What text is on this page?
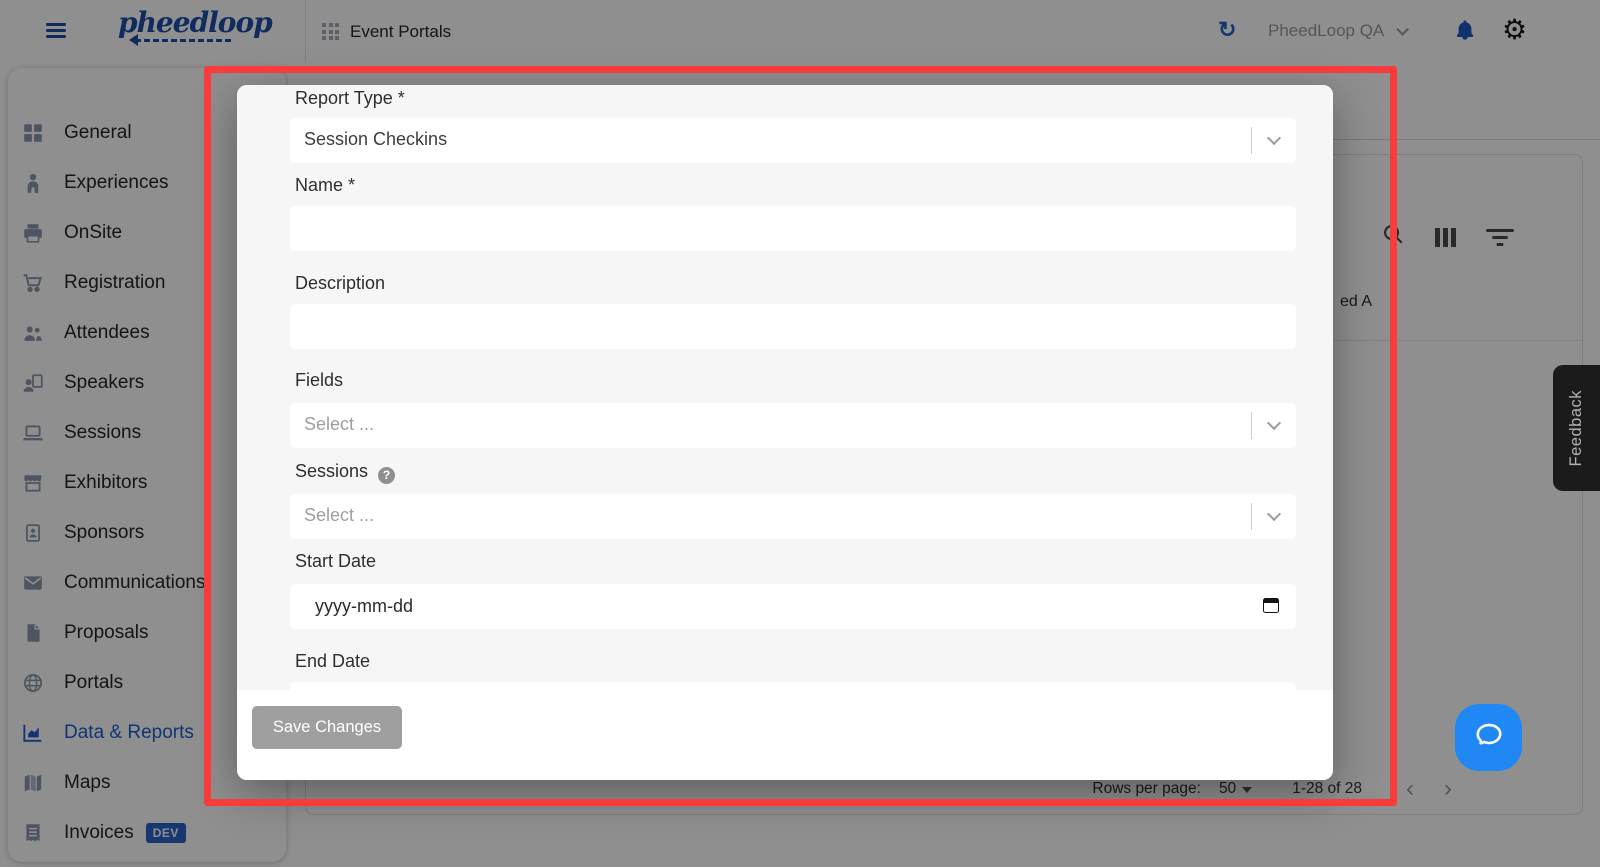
pheedloop	Event Portals	↻ PheedLoop QA	⚙
General
Experiences
OnSite
Registration
Attendees
Speakers
Sessions
Exhibitors
Sponsors
Communications
Proposals
Portals
Data & Reports
Maps
Invoices	DEV
ed A
Rows per page: 50	1-28 of 28 ‹ ›
Feedback
Report Type *
Session Checkins
Name *
Description
Fields
Select ...
Sessions ?
Select ...
Start Date
yyyy-mm-dd
End Date
Save Changes
